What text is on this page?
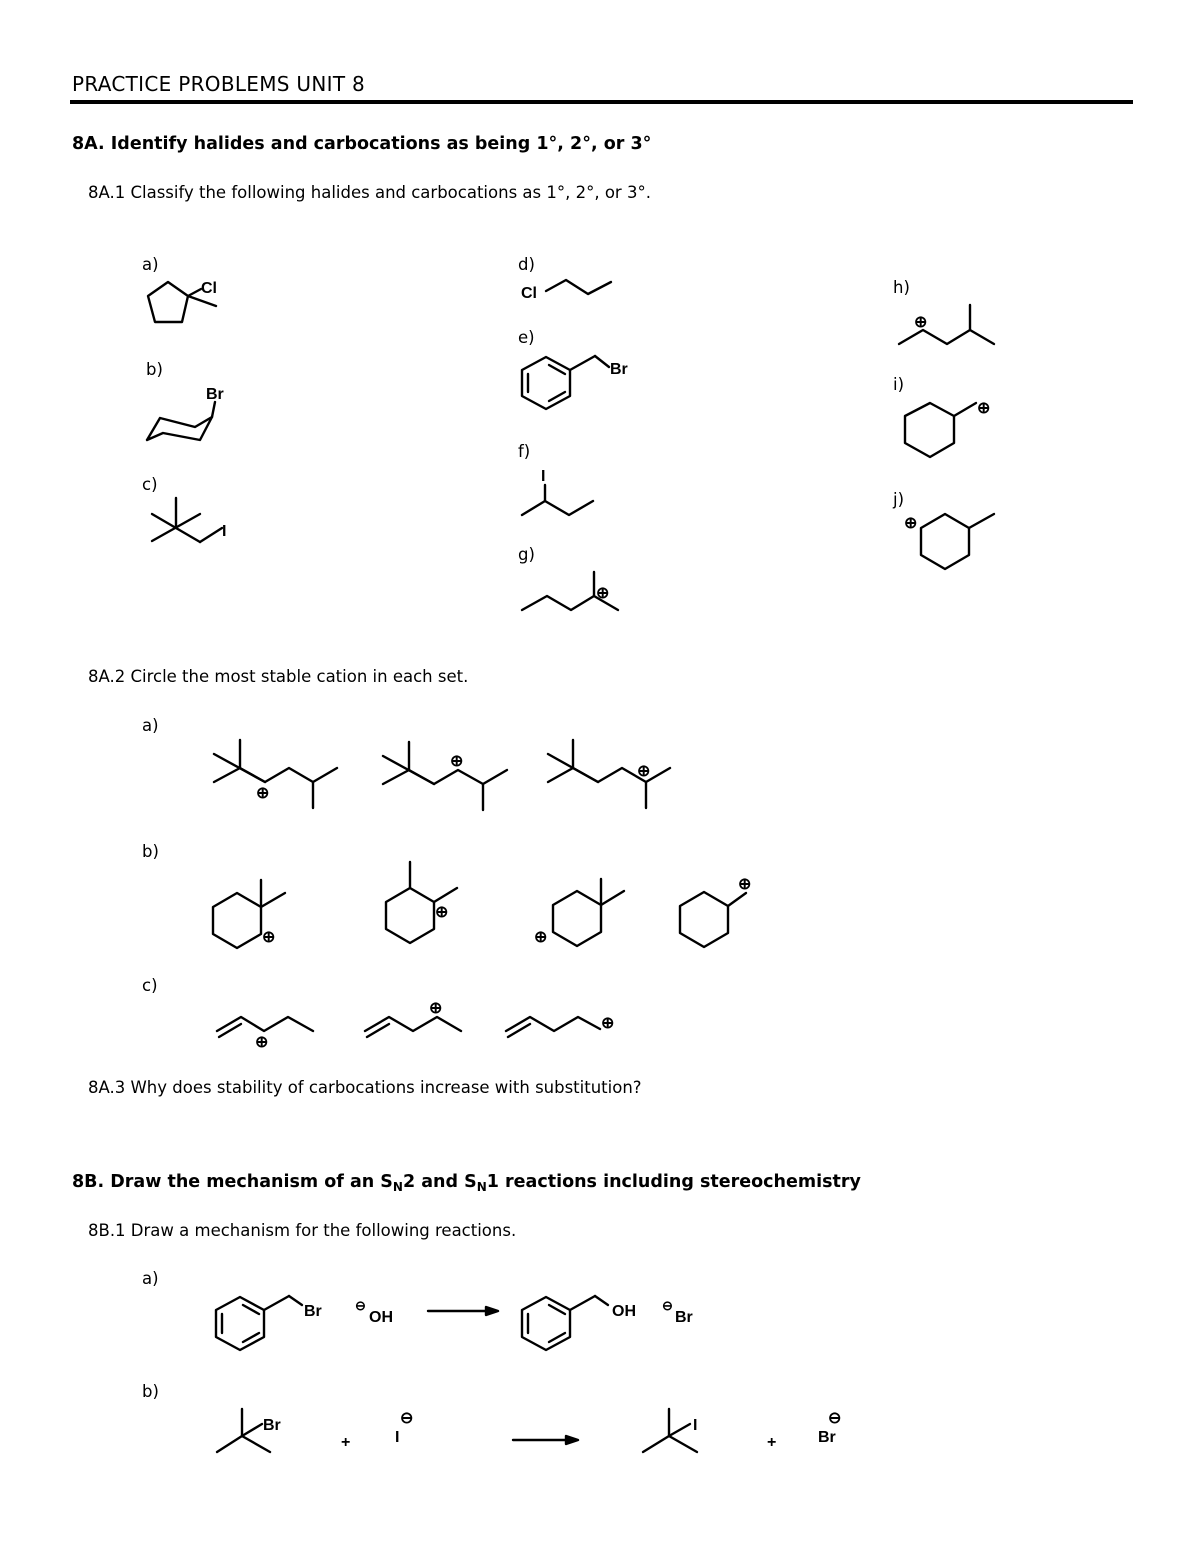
PRACTICE PROBLEMS UNIT 8
8A. Identify halides and carbocations as being 1°, 2°, or 3°
8A.1 Classify the following halides and carbocations as 1°, 2°, or 3°.
a)
b)
c)
d)
e)
f)
g)
h)
i)
j)
8A.2 Circle the most stable cation in each set.
a)
b)
c)
8A.3 Why does stability of carbocations increase with substitution?
8B. Draw the mechanism of an $S_N2$ and $S_N1$ reactions including stereochemistry
8B.1 Draw a mechanism for the following reactions.
a)
b)
Cl
Br
I
Cl
Br
I
⊕
⊕
⊕
⊕
⊕
⊕
⊕
⊕
⊕
⊕
⊕
⊕
⊕
⊕
Br	⊖
OH	OH ⊖
Br
Br
+
⊖
I
I
+
⊖
Br
